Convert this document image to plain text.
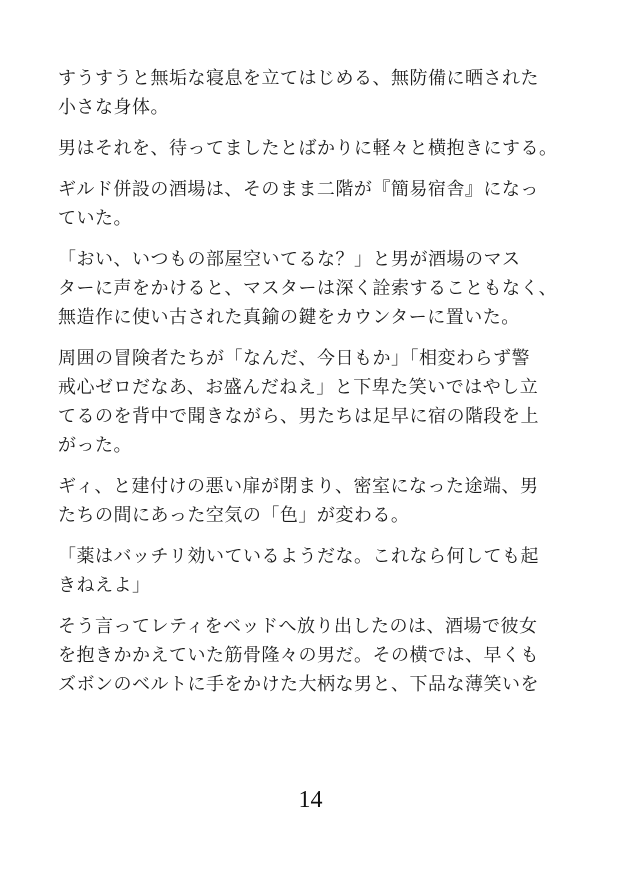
すうすうと無垢な寝息を立てはじめる、無防備に晒された
小さな身体。

男はそれを、待ってましたとばかりに軽々と横抱きにする。

ギルド併設の酒場は、そのまま二階が『簡易宿舎』になっ
ていた。

「おい、いつもの部屋空いてるな？」と男が酒場のマス
ターに声をかけると、マスターは深く詮索することもなく、
無造作に使い古された真鍮の鍵をカウンターに置いた。

周囲の冒険者たちが「なんだ、今日もか」「相変わらず警
戒心ゼロだなあ、お盛んだねえ」と下卑た笑いではやし立
てるのを背中で聞きながら、男たちは足早に宿の階段を上
がった。

ギィ、と建付けの悪い扉が閉まり、密室になった途端、男
たちの間にあった空気の「色」が変わる。

「薬はバッチリ効いているようだな。これなら何しても起
きねえよ」

そう言ってレティをベッドへ放り出したのは、酒場で彼女
を抱きかかえていた筋骨隆々の男だ。その横では、早くも
ズボンのベルトに手をかけた大柄な男と、下品な薄笑いを

14
